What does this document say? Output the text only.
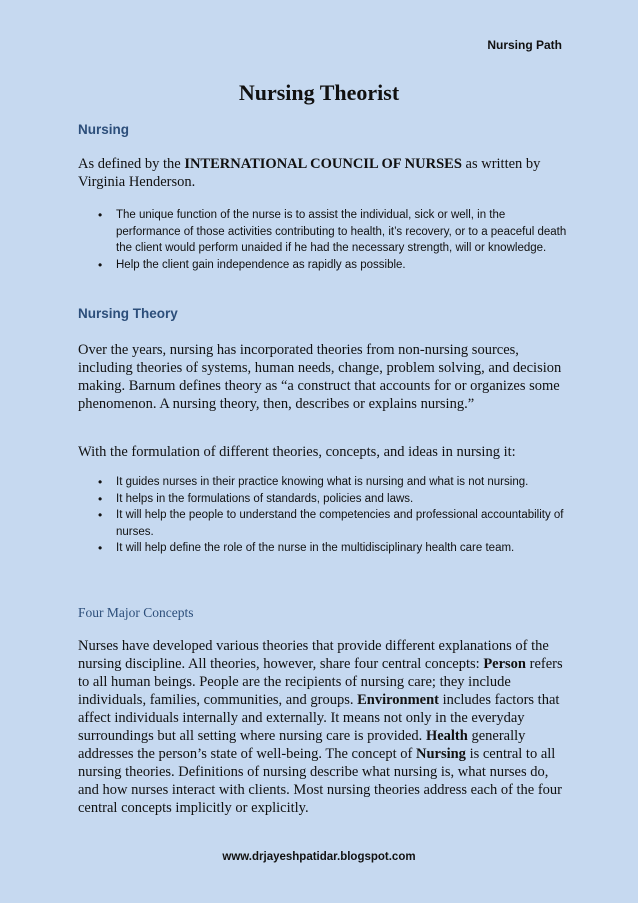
Nursing Path
Nursing Theorist

Nursing

As defined by the INTERNATIONAL COUNCIL OF NURSES as written by Virginia Henderson.

• The unique function of the nurse is to assist the individual, sick or well, in the performance of those activities contributing to health, it’s recovery, or to a peaceful death the client would perform unaided if he had the necessary strength, will or knowledge.
• Help the client gain independence as rapidly as possible.

Nursing Theory

Over the years, nursing has incorporated theories from non-nursing sources, including theories of systems, human needs, change, problem solving, and decision making. Barnum defines theory as “a construct that accounts for or organizes some phenomenon. A nursing theory, then, describes or explains nursing.”

With the formulation of different theories, concepts, and ideas in nursing it:

• It guides nurses in their practice knowing what is nursing and what is not nursing.
• It helps in the formulations of standards, policies and laws.
• It will help the people to understand the competencies and professional accountability of nurses.
• It will help define the role of the nurse in the multidisciplinary health care team.

Four Major Concepts

Nurses have developed various theories that provide different explanations of the nursing discipline. All theories, however, share four central concepts: Person refers to all human beings. People are the recipients of nursing care; they include individuals, families, communities, and groups. Environment includes factors that affect individuals internally and externally. It means not only in the everyday surroundings but all setting where nursing care is provided. Health generally addresses the person’s state of well-being. The concept of Nursing is central to all nursing theories. Definitions of nursing describe what nursing is, what nurses do, and how nurses interact with clients. Most nursing theories address each of the four central concepts implicitly or explicitly.

www.drjayeshpatidar.blogspot.com
